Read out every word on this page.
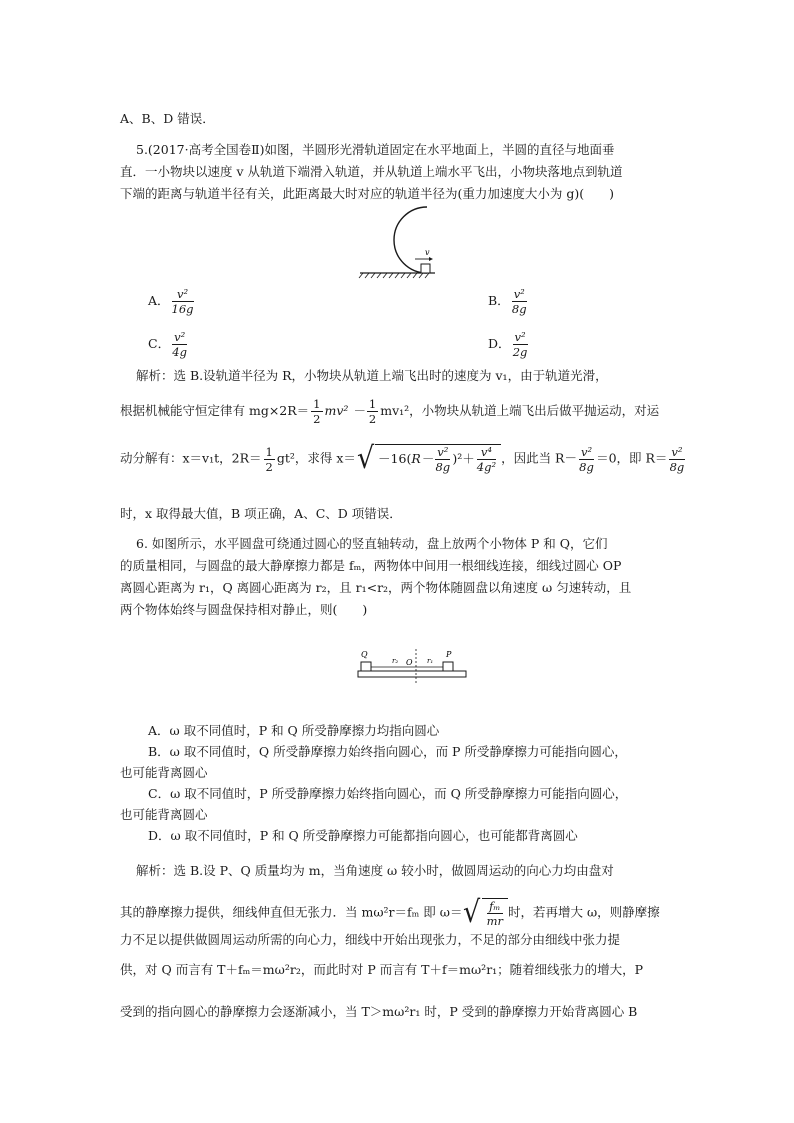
A、B、D 错误．
5.(2017·高考全国卷Ⅱ)如图，半圆形光滑轨道固定在水平地面上，半圆的直径与地面垂
直．一小物块以速度 v 从轨道下端滑入轨道，并从轨道上端水平飞出，小物块落地点到轨道
下端的距离与轨道半径有关，此距离最大时对应的轨道半径为(重力加速度大小为 g)(　　)
v
A． $\frac{\text{v²}}{16g}$	B． $\frac{\text{v²}}{8g}$
C． $\frac{\text{v²}}{4g}$	D． $\frac{\text{v²}}{2g}$
解析：选 B.设轨道半径为 R，小物块从轨道上端飞出时的速度为 v₁，由于轨道光滑，
根据机械能守恒定律有 $mg\times 2R= \frac{1}{2} mv^2 - \frac{1}{2} mv_1^2$，小物块从轨道上端飞出后做平抛运动，对运
动分解有：x＝v₁t，$2R= \frac{1}{2} gt^2$，求得 $x=√ -16(R- \frac{\text{v²}}{8g} )^2+ \frac{\text{v⁴}}{\text{4g²}}$ ，因此当 $R- \frac{\text{v²}}{8g} =0$，即 $R= \frac{\text{v²}}{8g}$
时，x 取得最大值，B 项正确，A、C、D 项错误．
6. 如图所示，水平圆盘可绕通过圆心的竖直轴转动，盘上放两个小物体 P 和 Q，它们
的质量相同，与圆盘的最大静摩擦力都是 fₘ，两物体中间用一根细线连接，细线过圆心 OP
离圆心距离为 r₁，Q 离圆心距离为 r₂，且 r₁<r₂，两个物体随圆盘以角速度 ω 匀速转动，且
两个物体始终与圆盘保持相对静止，则(　　)
Q
r₂ O r₁
P
A．ω 取不同值时，P 和 Q 所受静摩擦力均指向圆心
B．ω 取不同值时，Q 所受静摩擦力始终指向圆心，而 P 所受静摩擦力可能指向圆心，
也可能背离圆心
C．ω 取不同值时，P 所受静摩擦力始终指向圆心，而 Q 所受静摩擦力可能指向圆心，
也可能背离圆心
D．ω 取不同值时，P 和 Q 所受静摩擦力可能都指向圆心，也可能都背离圆心
解析：选 B.设 P、Q 质量均为 m，当角速度 ω 较小时，做圆周运动的向心力均由盘对
其的静摩擦力提供，细线伸直但无张力．当 mω²r＝fₘ 即 $\omega=√ \frac{\text{fₘ}}{mr}$ 时，若再增大 ω，则静摩擦
力不足以提供做圆周运动所需的向心力，细线中开始出现张力，不足的部分由细线中张力提
供，对 Q 而言有 T＋fₘ＝mω²r₂，而此时对 P 而言有 T＋f＝mω²r₁；随着细线张力的增大，P
受到的指向圆心的静摩擦力会逐渐减小，当 T＞mω²r₁ 时，P 受到的静摩擦力开始背离圆心 B
